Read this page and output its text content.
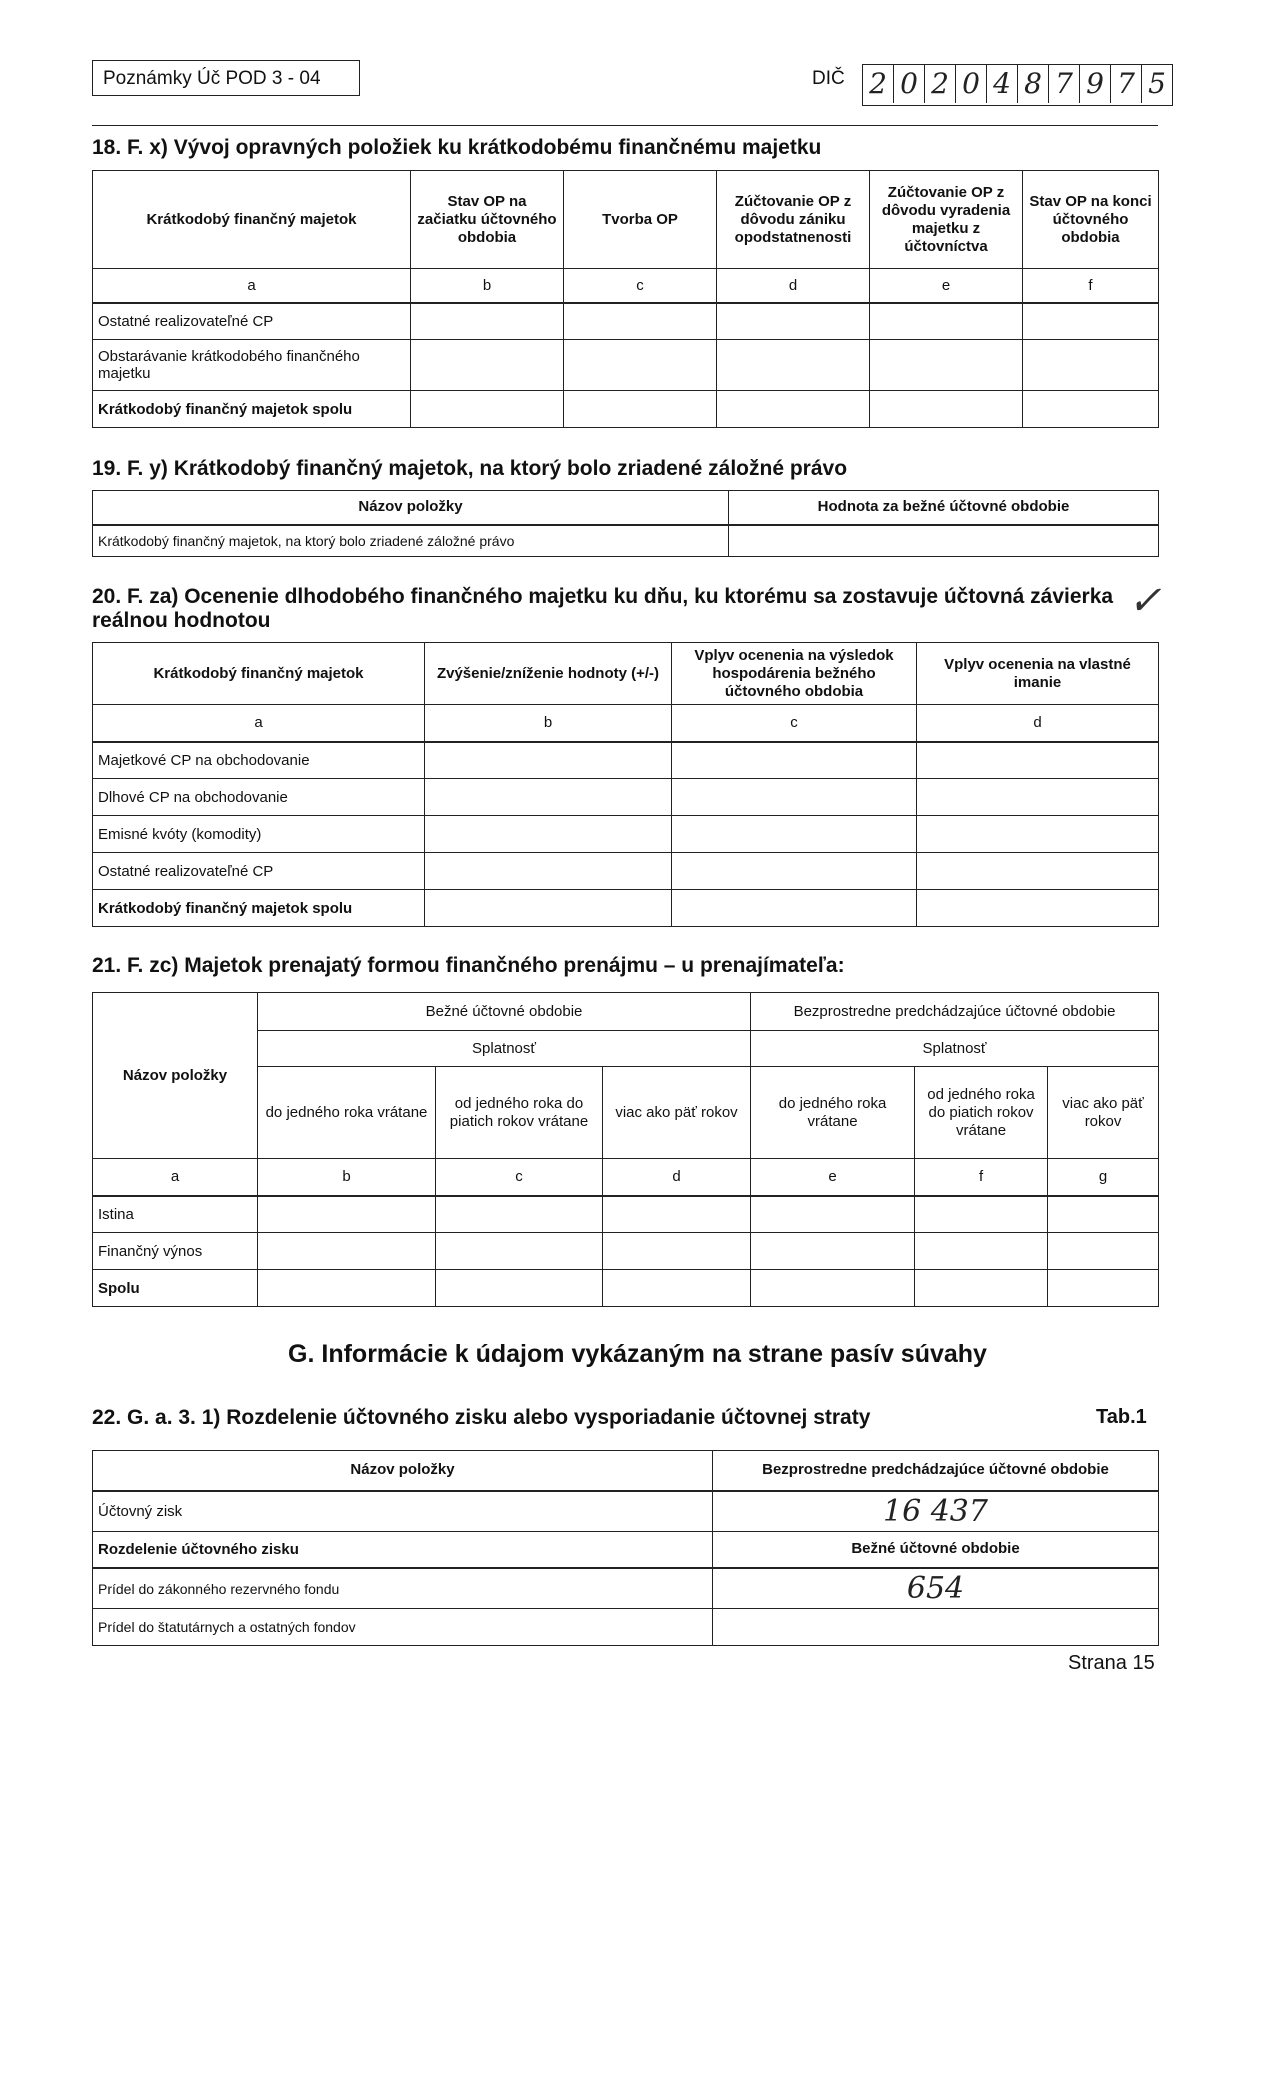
Poznámky Úč POD 3 - 04	DIČ 2 0 2 0 4 8 7 9 7 5
18. F. x) Vývoj opravných položiek ku krátkodobému finančnému majetku
Krátkodobý finančný majetok	Stav OP na začiatku účtovného obdobia	Tvorba OP	Zúčtovanie OP z dôvodu zániku opodstatnenosti	Zúčtovanie OP z dôvodu vyradenia majetku z účtovníctva	Stav OP na konci účtovného obdobia
a	b	c	d	e	f
Ostatné realizovateľné CP					
Obstarávanie krátkodobého finančného majetku					
Krátkodobý finančný majetok spolu					
19. F. y) Krátkodobý finančný majetok, na ktorý bolo zriadené záložné právo
Názov položky	Hodnota za bežné účtovné obdobie
Krátkodobý finančný majetok, na ktorý bolo zriadené záložné právo	
20. F. za) Ocenenie dlhodobého finančného majetku ku dňu, ku ktorému sa zostavuje účtovná závierka
reálnou hodnotou	✓
Krátkodobý finančný majetok	Zvýšenie/zníženie hodnoty (+/-)	Vplyv ocenenia na výsledok hospodárenia bežného účtovného obdobia	Vplyv ocenenia na vlastné imanie
a	b	c	d
Majetkové CP na obchodovanie			
Dlhové CP na obchodovanie			
Emisné kvóty (komodity)			
Ostatné realizovateľné CP			
Krátkodobý finančný majetok spolu			
21. F. zc) Majetok prenajatý formou finančného prenájmu – u prenajímateľa:
Názov položky	Bežné účtovné obdobie			Bezprostredne predchádzajúce účtovné obdobie		
	Splatnosť			Splatnosť		
	do jedného roka vrátane	od jedného roka do piatich rokov vrátane	viac ako päť rokov	do jedného roka vrátane	od jedného roka do piatich rokov vrátane	viac ako päť rokov
a	b	c	d	e	f	g
Istina						
Finančný výnos						
Spolu						
G. Informácie k údajom vykázaným na strane pasív súvahy
22. G. a. 3. 1) Rozdelenie účtovného zisku alebo vysporiadanie účtovnej straty	Tab.1
Názov položky	Bezprostredne predchádzajúce účtovné obdobie
Účtovný zisk	16 437
Rozdelenie účtovného zisku	Bežné účtovné obdobie
Prídel do zákonného rezervného fondu	654
Prídel do štatutárnych a ostatných fondov	
Strana 15
